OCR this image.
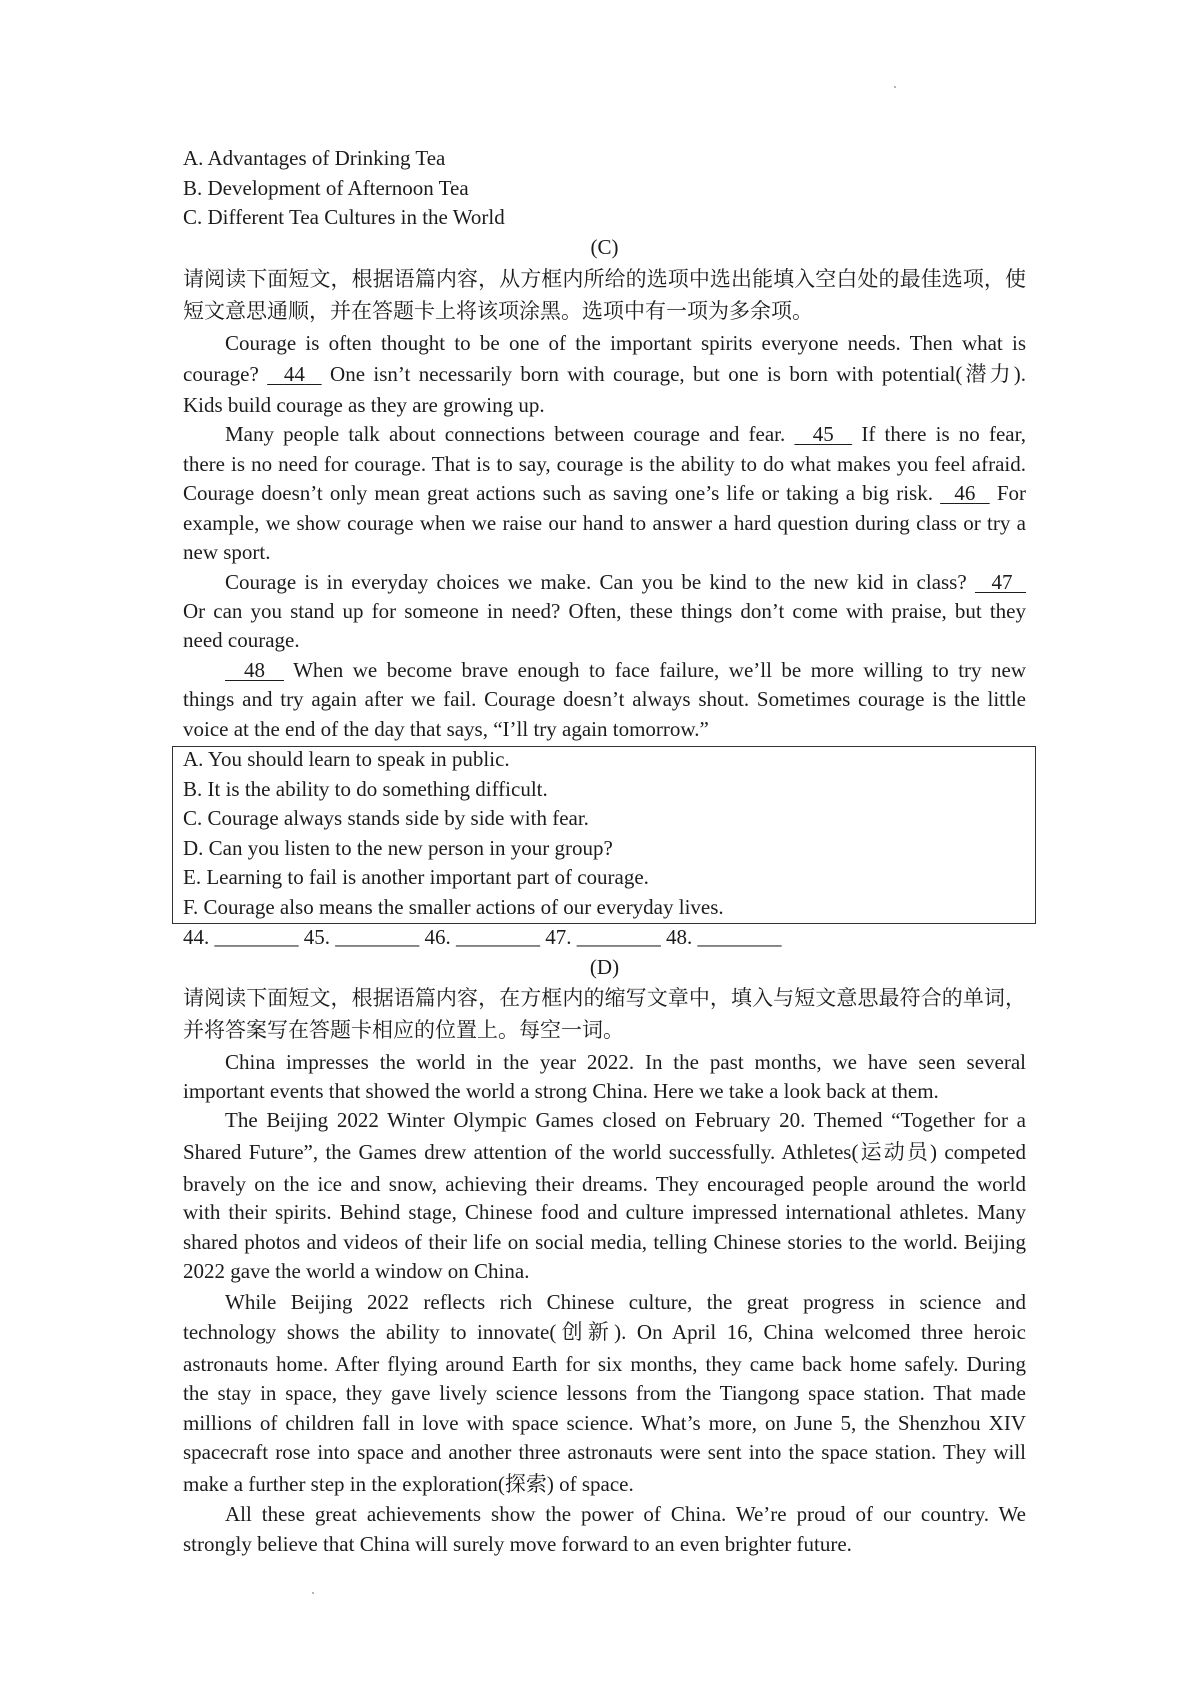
A. Advantages of Drinking Tea
B. Development of Afternoon Tea
C. Different Tea Cultures in the World
(C)
请阅读下面短文，根据语篇内容，从方框内所给的选项中选出能填入空白处的最佳选项，使
短文意思通顺，并在答题卡上将该项涂黑。选项中有一项为多余项。
Courage is often thought to be one of the important spirits everyone needs. Then what is
courage?   44   One isn’t necessarily born with courage, but one is born with potential(潜力).
Kids build courage as they are growing up.
Many people talk about connections between courage and fear.   45   If there is no fear,
there is no need for courage. That is to say, courage is the ability to do what makes you feel afraid.
Courage doesn’t only mean great actions such as saving one’s life or taking a big risk.   46   For
example, we show courage when we raise our hand to answer a hard question during class or try a
new sport.
Courage is in everyday choices we make. Can you be kind to the new kid in class?   47
Or can you stand up for someone in need? Often, these things don’t come with praise, but they
need courage.
48   When we become brave enough to face failure, we’ll be more willing to try new
things and try again after we fail. Courage doesn’t always shout. Sometimes courage is the little
voice at the end of the day that says, “I’ll try again tomorrow.”
A. You should learn to speak in public.
B. It is the ability to do something difficult.
C. Courage always stands side by side with fear.
D. Can you listen to the new person in your group?
E. Learning to fail is another important part of courage.
F. Courage also means the smaller actions of our everyday lives.
44. ________ 45. ________ 46. ________ 47. ________ 48. ________
(D)
请阅读下面短文，根据语篇内容，在方框内的缩写文章中，填入与短文意思最符合的单词，
并将答案写在答题卡相应的位置上。每空一词。
China impresses the world in the year 2022. In the past months, we have seen several
important events that showed the world a strong China. Here we take a look back at them.
The Beijing 2022 Winter Olympic Games closed on February 20. Themed “Together for a
Shared Future”, the Games drew attention of the world successfully. Athletes(运动员) competed
bravely on the ice and snow, achieving their dreams. They encouraged people around the world
with their spirits. Behind stage, Chinese food and culture impressed international athletes. Many
shared photos and videos of their life on social media, telling Chinese stories to the world. Beijing
2022 gave the world a window on China.
While Beijing 2022 reflects rich Chinese culture, the great progress in science and
technology shows the ability to innovate(创新). On April 16, China welcomed three heroic
astronauts home. After flying around Earth for six months, they came back home safely. During
the stay in space, they gave lively science lessons from the Tiangong space station. That made
millions of children fall in love with space science. What’s more, on June 5, the Shenzhou XIV
spacecraft rose into space and another three astronauts were sent into the space station. They will
make a further step in the exploration(探索) of space.
All these great achievements show the power of China. We’re proud of our country. We
strongly believe that China will surely move forward to an even brighter future.
